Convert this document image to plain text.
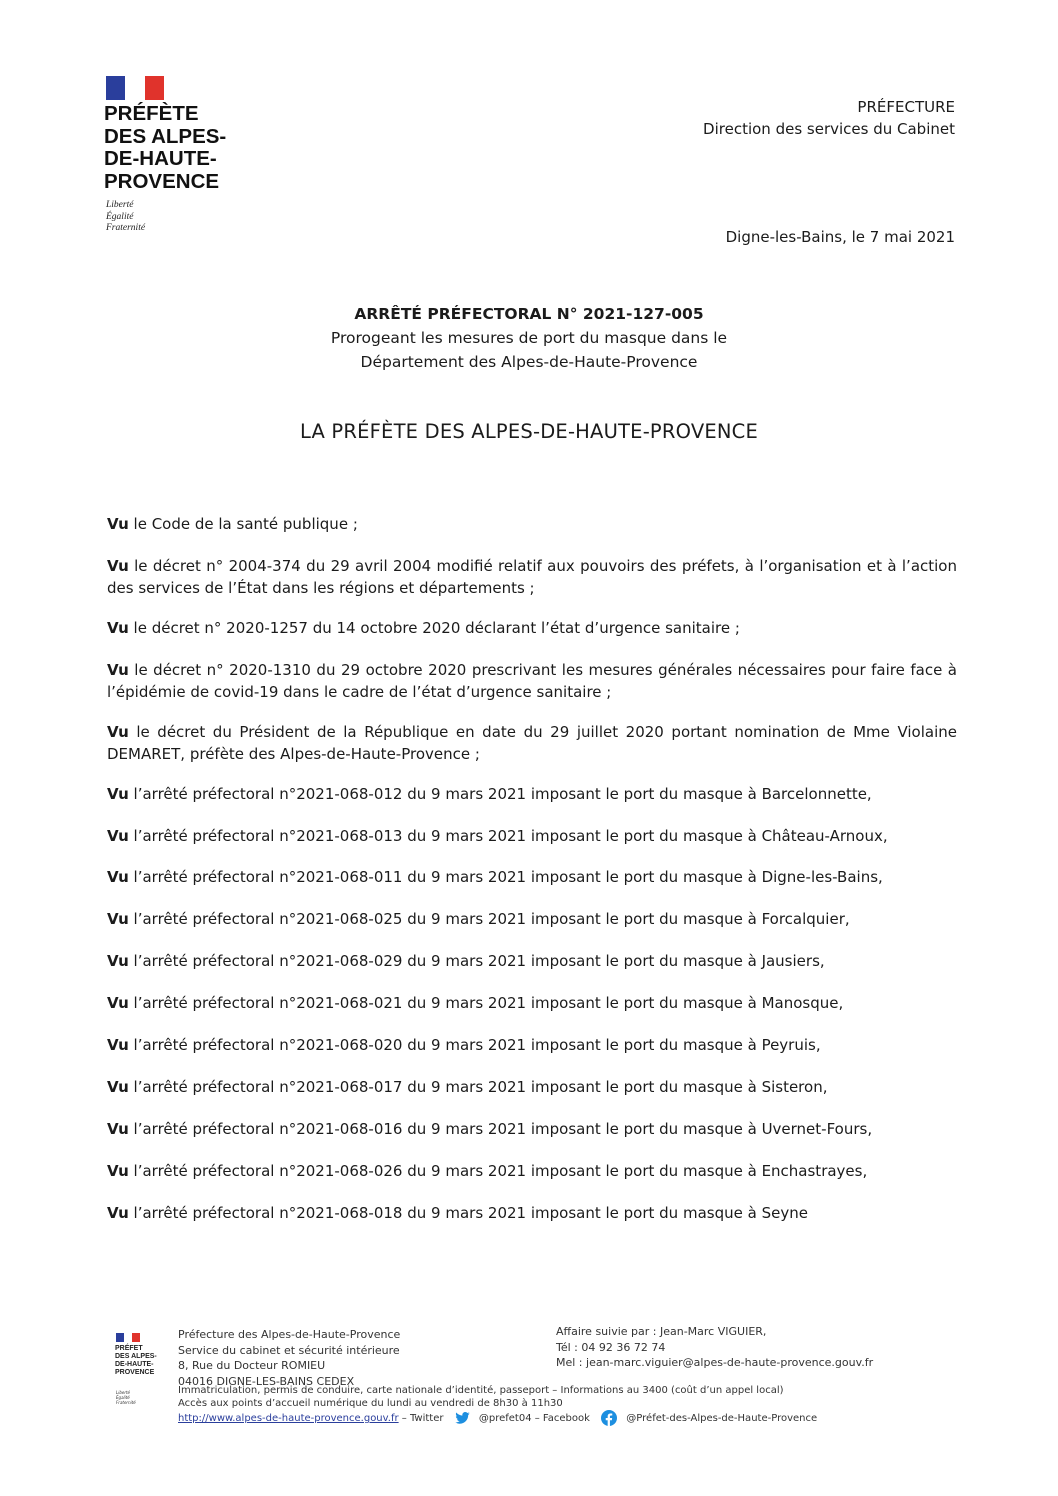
PRÉFÈTE
DES ALPES-
DE-HAUTE-
PROVENCE
Liberté
Égalité
Fraternité
PRÉFECTURE
Direction des services du Cabinet
Digne-les-Bains, le 7 mai 2021
ARRÊTÉ PRÉFECTORAL N° 2021-127-005
Prorogeant les mesures de port du masque dans le
Département des Alpes-de-Haute-Provence
LA PRÉFÈTE DES ALPES-DE-HAUTE-PROVENCE

Vu le Code de la santé publique ;

Vu le décret n° 2004-374 du 29 avril 2004 modifié relatif aux pouvoirs des préfets, à l’organisation et à l’action des services de l’État dans les régions et départements ;

Vu le décret n° 2020-1257 du 14 octobre 2020 déclarant l’état d’urgence sanitaire ;

Vu le décret n° 2020-1310 du 29 octobre 2020 prescrivant les mesures générales nécessaires pour faire face à l’épidémie de covid-19 dans le cadre de l’état d’urgence sanitaire ;

Vu le décret du Président de la République en date du 29 juillet 2020 portant nomination de Mme Violaine DEMARET, préfète des Alpes-de-Haute-Provence ;

Vu l’arrêté préfectoral n°2021-068-012 du 9 mars 2021 imposant le port du masque à Barcelonnette,

Vu l’arrêté préfectoral n°2021-068-013 du 9 mars 2021 imposant le port du masque à Château-Arnoux,

Vu l’arrêté préfectoral n°2021-068-011 du 9 mars 2021 imposant le port du masque à Digne-les-Bains,

Vu l’arrêté préfectoral n°2021-068-025 du 9 mars 2021 imposant le port du masque à Forcalquier,

Vu l’arrêté préfectoral n°2021-068-029 du 9 mars 2021 imposant le port du masque à Jausiers,

Vu l’arrêté préfectoral n°2021-068-021 du 9 mars 2021 imposant le port du masque à Manosque,

Vu l’arrêté préfectoral n°2021-068-020 du 9 mars 2021 imposant le port du masque à Peyruis,

Vu l’arrêté préfectoral n°2021-068-017 du 9 mars 2021 imposant le port du masque à Sisteron,

Vu l’arrêté préfectoral n°2021-068-016 du 9 mars 2021 imposant le port du masque à Uvernet-Fours,

Vu l’arrêté préfectoral n°2021-068-026 du 9 mars 2021 imposant le port du masque à Enchastrayes,

Vu l’arrêté préfectoral n°2021-068-018 du 9 mars 2021 imposant le port du masque à Seyne

PRÉFET
DES ALPES-
DE-HAUTE-
PROVENCE
Liberté
Égalité
Fraternité
Préfecture des Alpes-de-Haute-Provence
Service du cabinet et sécurité intérieure
8, Rue du Docteur ROMIEU
04016 DIGNE-LES-BAINS CEDEX
Affaire suivie par : Jean-Marc VIGUIER,
Tél : 04 92 36 72 74
Mel : jean-marc.viguier@alpes-de-haute-provence.gouv.fr
Immatriculation, permis de conduire, carte nationale d’identité, passeport – Informations au 3400 (coût d’un appel local)
Accès aux points d’accueil numérique du lundi au vendredi de 8h30 à 11h30
http://www.alpes-de-haute-provence.gouv.fr – Twitter	@prefet04 – Facebook	@Préfet-des-Alpes-de-Haute-Provence
